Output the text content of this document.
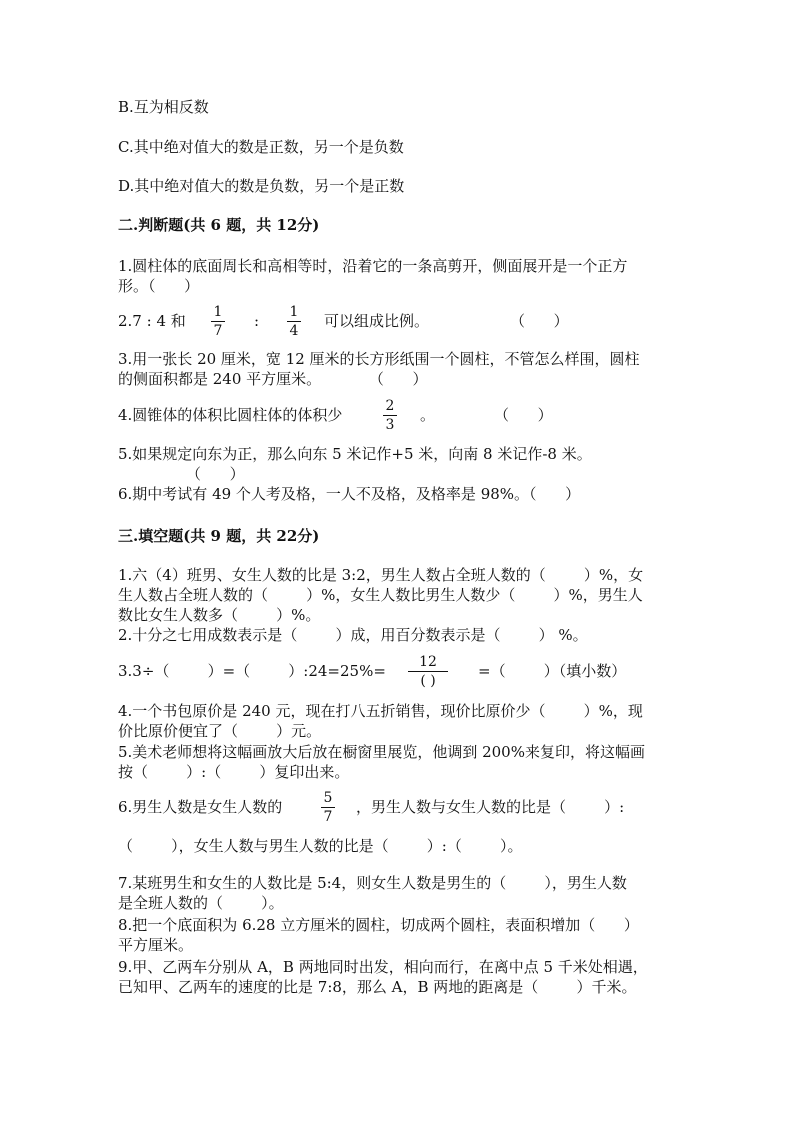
B.互为相反数
C.其中绝对值大的数是正数，另一个是负数
D.其中绝对值大的数是负数，另一个是正数
二.判断题(共 6 题，共 12分)
1.圆柱体的底面周长和高相等时，沿着它的一条高剪开，侧面展开是一个正方
形。（      ）
2.7 : 4 和	1
7
:	1
4
可以组成比例。	（      ）
3.用一张长 20 厘米，宽 12 厘米的长方形纸围一个圆柱，不管怎么样围，圆柱
的侧面积都是 240 平方厘米。          （      ）
4.圆锥体的体积比圆柱体的体积少	2
3
。	（      ）
5.如果规定向东为正，那么向东 5 米记作+5 米，向南 8 米记作-8 米。
（      ）
6.期中考试有 49 个人考及格，一人不及格，及格率是 98%。（      ）
三.填空题(共 9 题，共 22分)
1.六（4）班男、女生人数的比是 3:2，男生人数占全班人数的（        ）%，女
生人数占全班人数的（        ）%，女生人数比男生人数少（        ）%，男生人
数比女生人数多（        ）%。
2.十分之七用成数表示是（        ）成，用百分数表示是（        ） %。
3.3÷（        ）=（        ）:24=25%=	12
( )
=（        ）（填小数）
4.一个书包原价是 240 元，现在打八五折销售，现价比原价少（        ）%，现
价比原价便宜了（        ）元。
5.美术老师想将这幅画放大后放在橱窗里展览，他调到 200%来复印，将这幅画
按（        ）:（        ）复印出来。
6.男生人数是女生人数的	5
7
，男生人数与女生人数的比是（        ）:
（        ），女生人数与男生人数的比是（        ）:（        ）。
7.某班男生和女生的人数比是 5:4，则女生人数是男生的（        ），男生人数
是全班人数的（        ）。
8.把一个底面积为 6.28 立方厘米的圆柱，切成两个圆柱，表面积增加（      ）
平方厘米。
9.甲、乙两车分别从 A，B 两地同时出发，相向而行，在离中点 5 千米处相遇，
已知甲、乙两车的速度的比是 7:8，那么 A，B 两地的距离是（        ）千米。
